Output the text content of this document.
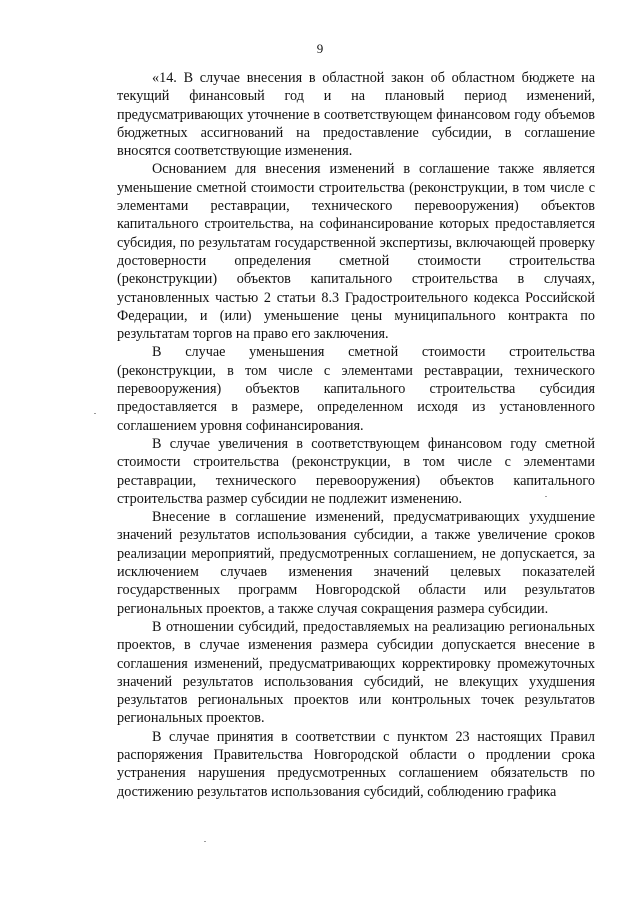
9

«14. В случае внесения в областной закон об областном бюджете на текущий финансовый год и на плановый период изменений, предусматривающих уточнение в соответствующем финансовом году объемов бюджетных ассигнований на предоставление субсидии, в соглашение вносятся соответствующие изменения.

Основанием для внесения изменений в соглашение также является уменьшение сметной стоимости строительства (реконструкции, в том числе с элементами реставрации, технического перевооружения) объектов капитального строительства, на софинансирование которых предоставляется субсидия, по результатам государственной экспертизы, включающей проверку достоверности определения сметной стоимости строительства (реконструкции) объектов капитального строительства в случаях, установленных частью 2 статьи 8.3 Градостроительного кодекса Российской Федерации, и (или) уменьшение цены муниципального контракта по результатам торгов на право его заключения.

В случае уменьшения сметной стоимости строительства (реконструкции, в том числе с элементами реставрации, технического перевооружения) объектов капитального строительства субсидия предоставляется в размере, определенном исходя из установленного соглашением уровня софинансирования.

В случае увеличения в соответствующем финансовом году сметной стоимости строительства (реконструкции, в том числе с элементами реставрации, технического перевооружения) объектов капитального строительства размер субсидии не подлежит изменению.

Внесение в соглашение изменений, предусматривающих ухудшение значений результатов использования субсидии, а также увеличение сроков реализации мероприятий, предусмотренных соглашением, не допускается, за исключением случаев изменения значений целевых показателей государственных программ Новгородской области или результатов региональных проектов, а также случая сокращения размера субсидии.

В отношении субсидий, предоставляемых на реализацию региональных проектов, в случае изменения размера субсидии допускается внесение в соглашения изменений, предусматривающих корректировку промежуточных значений результатов использования субсидий, не влекущих ухудшения результатов региональных проектов или контрольных точек результатов региональных проектов.

В случае принятия в соответствии с пунктом 23 настоящих Правил распоряжения Правительства Новгородской области о продлении срока устранения нарушения предусмотренных соглашением обязательств по достижению результатов использования субсидий, соблюдению графика
